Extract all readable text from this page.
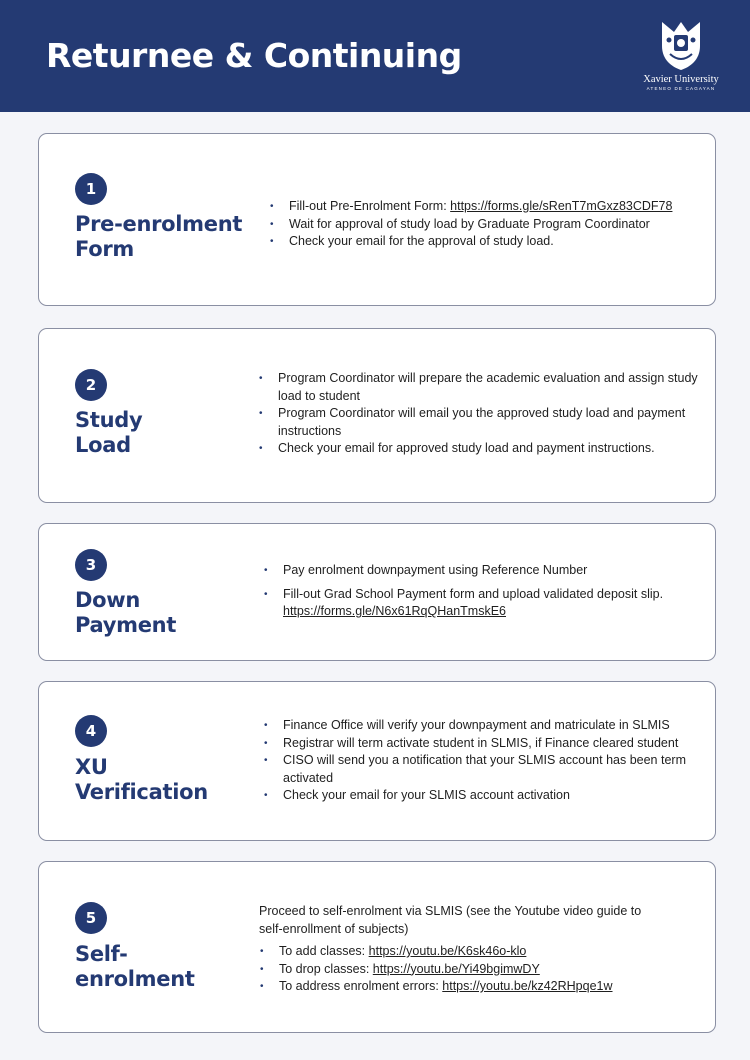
Returnee & Continuing
Xavier University
ATENEO DE CAGAYAN
1
Pre-enrolment
Form
• Fill-out Pre-Enrolment Form: https://forms.gle/sRenT7mGxz83CDF78
• Wait for approval of study load by Graduate Program Coordinator
• Check your email for the approval of study load.
2
Study
Load
• Program Coordinator will prepare the academic evaluation and assign study load to student
• Program Coordinator will email you the approved study load and payment instructions
• Check your email for approved study load and payment instructions.
3
Down
Payment
• Pay enrolment downpayment using Reference Number
• Fill-out Grad School Payment form and upload validated deposit slip.
https://forms.gle/N6x61RqQHanTmskE6
4
XU
Verification
• Finance Office will verify your downpayment and matriculate in SLMIS
• Registrar will term activate student in SLMIS, if Finance cleared student
• CISO will send you a notification that your SLMIS account has been term activated
• Check your email for your SLMIS account activation
5
Self-
enrolment
Proceed to self-enrolment via SLMIS (see the Youtube video guide to self-enrollment of subjects)
• To add classes: https://youtu.be/K6sk46o-klo
• To drop classes: https://youtu.be/Yi49bgimwDY
• To address enrolment errors: https://youtu.be/kz42RHpqe1w
